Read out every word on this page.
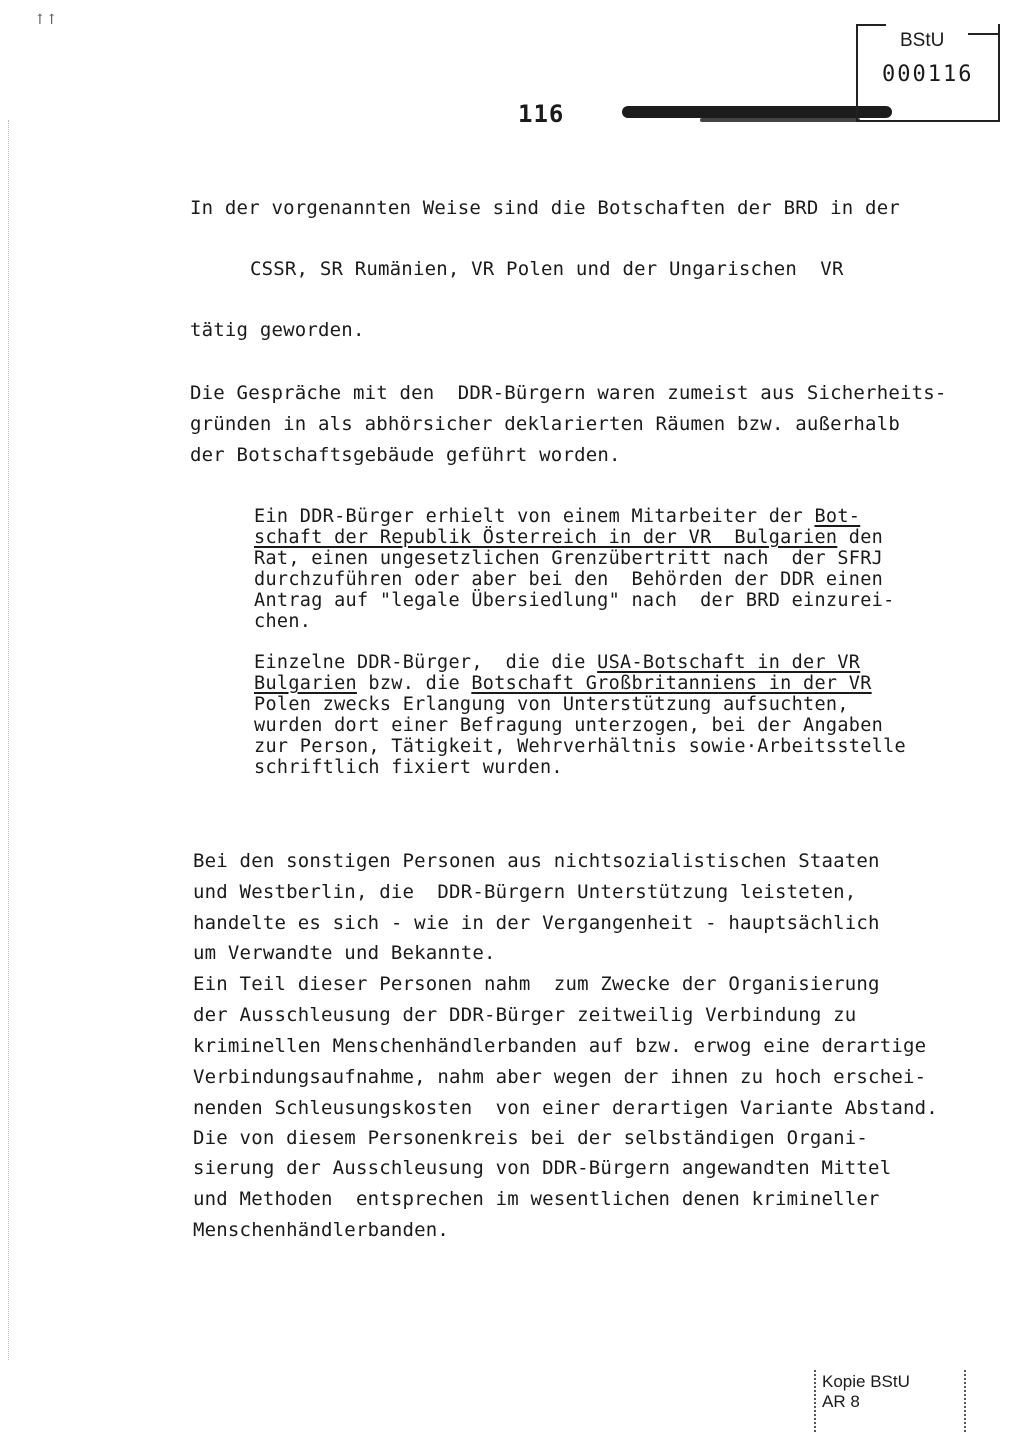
↑↑
116
BStU
000116
In der vorgenannten Weise sind die Botschaften der BRD in der
CSSR, SR Rumänien, VR Polen und der Ungarischen  VR
tätig geworden.
Die Gespräche mit den  DDR-Bürgern waren zumeist aus Sicherheits-
gründen in als abhörsicher deklarierten Räumen bzw. außerhalb
der Botschaftsgebäude geführt worden.
Ein DDR-Bürger erhielt von einem Mitarbeiter der Bot-
schaft der Republik Österreich in der VR  Bulgarien den
Rat, einen ungesetzlichen Grenzübertritt nach  der SFRJ
durchzuführen oder aber bei den  Behörden der DDR einen
Antrag auf "legale Übersiedlung" nach  der BRD einzurei-
chen.
Einzelne DDR-Bürger,  die die USA-Botschaft in der VR
Bulgarien bzw. die Botschaft Großbritanniens in der VR
Polen zwecks Erlangung von Unterstützung aufsuchten,
wurden dort einer Befragung unterzogen, bei der Angaben
zur Person, Tätigkeit, Wehrverhältnis sowie·Arbeitsstelle
schriftlich fixiert wurden.
Bei den sonstigen Personen aus nichtsozialistischen Staaten
und Westberlin, die  DDR-Bürgern Unterstützung leisteten,
handelte es sich - wie in der Vergangenheit - hauptsächlich
um Verwandte und Bekannte.
Ein Teil dieser Personen nahm  zum Zwecke der Organisierung
der Ausschleusung der DDR-Bürger zeitweilig Verbindung zu
kriminellen Menschenhändlerbanden auf bzw. erwog eine derartige
Verbindungsaufnahme, nahm aber wegen der ihnen zu hoch erschei-
nenden Schleusungskosten  von einer derartigen Variante Abstand.
Die von diesem Personenkreis bei der selbständigen Organi-
sierung der Ausschleusung von DDR-Bürgern angewandten Mittel
und Methoden  entsprechen im wesentlichen denen krimineller
Menschenhändlerbanden.
Kopie BStU
AR 8
